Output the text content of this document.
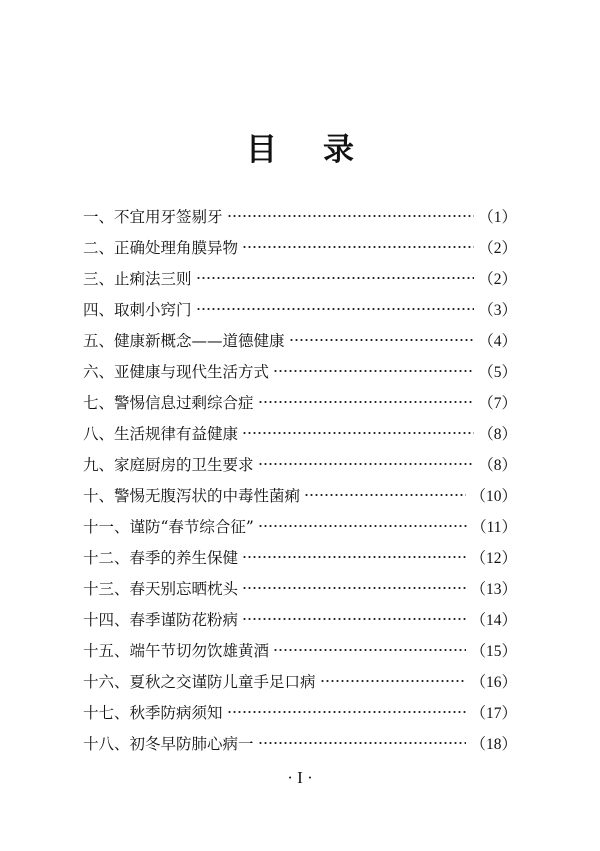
目录
一、不宜用牙签剔牙	（1）
二、正确处理角膜异物	（2）
三、止痢法三则	（2）
四、取刺小窍门	（3）
五、健康新概念——道德健康	（4）
六、亚健康与现代生活方式	（5）
七、警惕信息过剩综合症	（7）
八、生活规律有益健康	（8）
九、家庭厨房的卫生要求	（8）
十、警惕无腹泻状的中毒性菌痢	（10）
十一、谨防“春节综合征”	（11）
十二、春季的养生保健	（12）
十三、春天别忘晒枕头	（13）
十四、春季谨防花粉病	（14）
十五、端午节切勿饮雄黄酒	（15）
十六、夏秋之交谨防儿童手足口病	（16）
十七、秋季防病须知	（17）
十八、初冬早防肺心病一	（18）
· I ·
